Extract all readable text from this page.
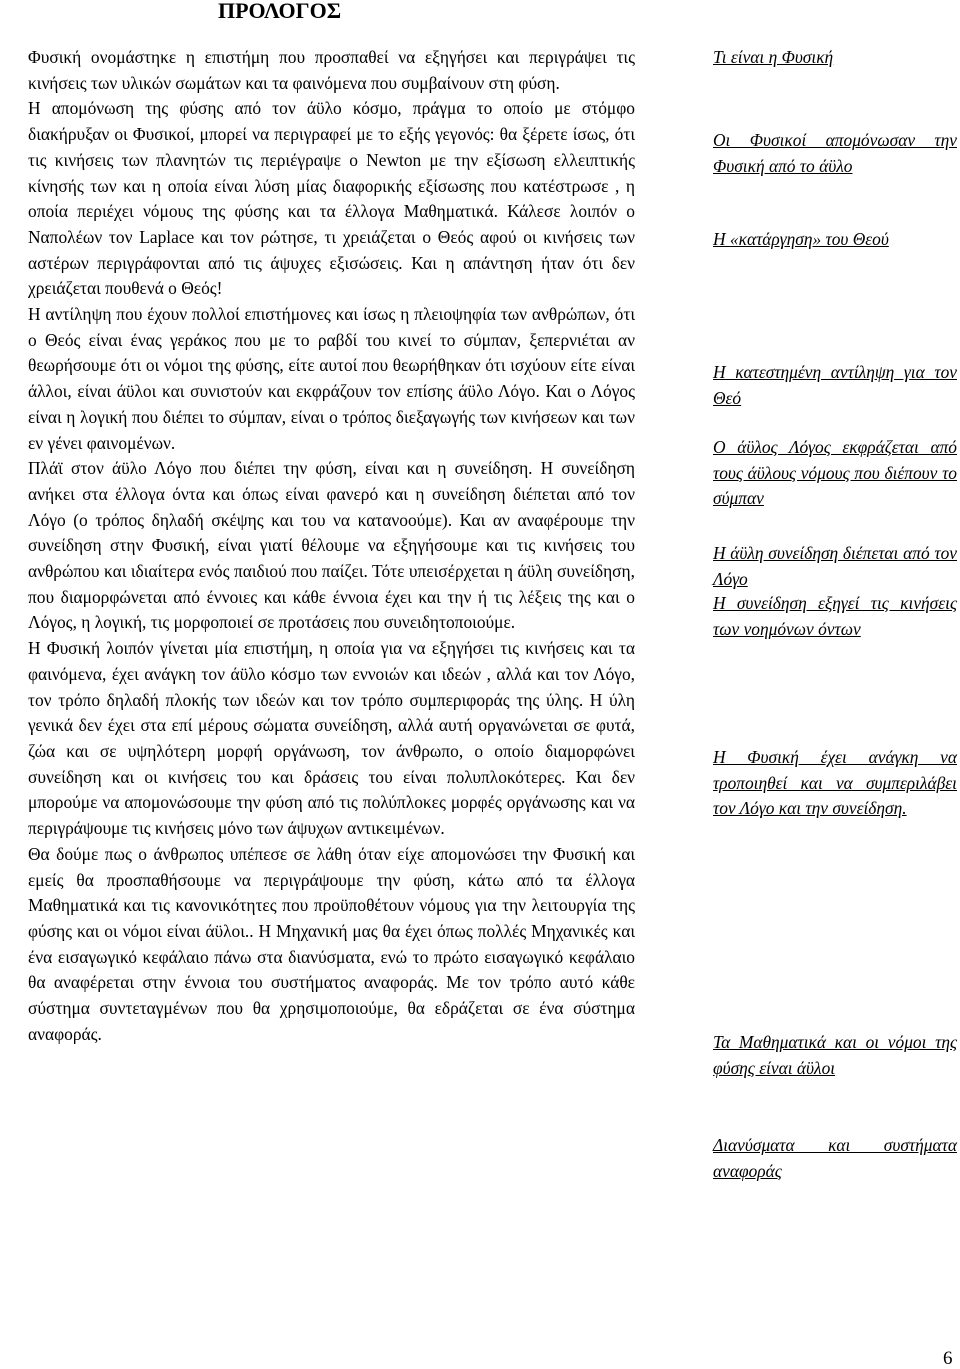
ΠΡΟΛΟΓΟΣ

Φυσική ονομάστηκε η επιστήμη που προσπαθεί να εξηγήσει και περιγράψει τις κινήσεις των υλικών σωμάτων και τα φαινόμενα που συμβαίνουν στη φύση.

Η απομόνωση της φύσης από τον άϋλο κόσμο, πράγμα το οποίο με στόμφο διακήρυξαν οι Φυσικοί, μπορεί να περιγραφεί με το εξής γεγονός: θα ξέρετε ίσως, ότι τις κινήσεις των πλανητών τις περιέγραψε ο Newton με την εξίσωση ελλειπτικής κίνησής των και η οποία είναι λύση μίας διαφορικής εξίσωσης που κατέστρωσε , η οποία περιέχει νόμους της φύσης και τα έλλογα Μαθηματικά. Κάλεσε λοιπόν ο Ναπολέων τον Laplace και τον ρώτησε, τι χρειάζεται ο Θεός αφού οι κινήσεις των αστέρων περιγράφονται από τις άψυχες εξισώσεις. Και η απάντηση ήταν ότι δεν χρειάζεται πουθενά ο Θεός!

Η αντίληψη που έχουν πολλοί επιστήμονες και ίσως η πλειοψηφία των ανθρώπων, ότι ο Θεός είναι ένας γεράκος που με το ραβδί του κινεί το σύμπαν, ξεπερνιέται αν θεωρήσουμε ότι οι νόμοι της φύσης, είτε αυτοί που θεωρήθηκαν ότι ισχύουν είτε είναι άλλοι, είναι άϋλοι και συνιστούν και εκφράζουν τον επίσης άϋλο Λόγο. Και ο Λόγος είναι η λογική που διέπει το σύμπαν, είναι ο τρόπος διεξαγωγής των κινήσεων και των εν γένει φαινομένων.

Πλάϊ στον άϋλο Λόγο που διέπει την φύση, είναι και η συνείδηση. Η συνείδηση ανήκει στα έλλογα όντα και όπως είναι φανερό και η συνείδηση διέπεται από τον Λόγο (ο τρόπος δηλαδή σκέψης και του να κατανοούμε). Και αν αναφέρουμε την συνείδηση στην Φυσική, είναι γιατί θέλουμε να εξηγήσουμε και τις κινήσεις του ανθρώπου και ιδιαίτερα ενός παιδιού που παίζει. Τότε υπεισέρχεται η άϋλη συνείδηση, που διαμορφώνεται από έννοιες και κάθε έννοια έχει και την ή τις λέξεις της και ο Λόγος, η λογική, τις μορφοποιεί σε προτάσεις που συνειδητοποιούμε.

Η Φυσική λοιπόν γίνεται μία επιστήμη, η οποία για να εξηγήσει τις κινήσεις και τα φαινόμενα, έχει ανάγκη τον άϋλο κόσμο των εννοιών και ιδεών , αλλά και τον Λόγο, τον τρόπο δηλαδή πλοκής των ιδεών και τον τρόπο συμπεριφοράς της ύλης. Η ύλη γενικά δεν έχει στα επί μέρους σώματα συνείδηση, αλλά αυτή οργανώνεται σε φυτά, ζώα και σε υψηλότερη μορφή οργάνωση, τον άνθρωπο, ο οποίο διαμορφώνει συνείδηση και οι κινήσεις του και δράσεις του είναι πολυπλοκότερες. Και δεν μπορούμε να απομονώσουμε την φύση από τις πολύπλοκες μορφές οργάνωσης και να περιγράψουμε τις κινήσεις μόνο των άψυχων αντικειμένων.

Θα δούμε πως ο άνθρωπος υπέπεσε σε λάθη όταν είχε απομονώσει την Φυσική και εμείς θα προσπαθήσουμε να περιγράψουμε την φύση, κάτω από τα έλλογα Μαθηματικά και τις κανονικότητες που προϋποθέτουν νόμους για την λειτουργία της φύσης και οι νόμοι είναι άϋλοι.. Η Μηχανική μας θα έχει όπως πολλές Μηχανικές και ένα εισαγωγικό κεφάλαιο πάνω στα διανύσματα, ενώ το πρώτο εισαγωγικό κεφάλαιο θα αναφέρεται στην έννοια του συστήματος αναφοράς. Με τον τρόπο αυτό κάθε σύστημα συντεταγμένων που θα χρησιμοποιούμε, θα εδράζεται σε ένα σύστημα αναφοράς.

Τι είναι η Φυσική
Οι Φυσικοί απομόνωσαν την Φυσική από το άϋλο
Η «κατάργηση» του Θεού
Η κατεστημένη αντίληψη για τον Θεό
Ο άϋλος Λόγος εκφράζεται από τους άϋλους νόμους που διέπουν το σύμπαν
Η άϋλη συνείδηση διέπεται από τον Λόγο
Η συνείδηση εξηγεί τις κινήσεις των νοημόνων όντων
Η Φυσική έχει ανάγκη να τροποιηθεί και να συμπεριλάβει τον Λόγο και την συνείδηση.
Τα Μαθηματικά και οι νόμοι της φύσης είναι άϋλοι
Διανύσματα και συστήματα αναφοράς
6
